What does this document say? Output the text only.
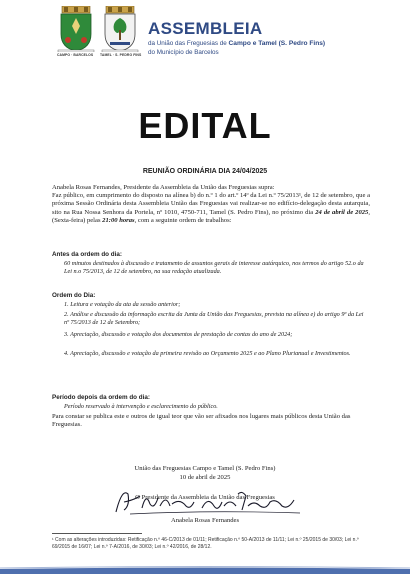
CAMPO · BARCELOS TAMEL · S. PEDRO FINS
ASSEMBLEIA
da União das Freguesias de Campo e Tamel (S. Pedro Fins)
do Município de Barcelos
EDITAL
REUNIÃO ORDINÁRIA DIA 24/04/2025
Anabela Rosas Fernandes, Presidente da Assembleia da União das Freguesias supra:
Faz público, em cumprimento do disposto na alínea b) do n.º 1 do art.º 14º da Lei n.º 75/2013¹, de 12 de setembro, que a próxima Sessão Ordinária desta Assembleia União das Freguesias vai realizar-se no edifício-delegação desta autarquia, sito na Rua Nossa Senhora da Portela, nº 1010, 4750-711, Tamel (S. Pedro Fins), no próximo dia 24 de abril de 2025, (Sexta-feira) pelas 21:00 horas, com a seguinte ordem de trabalhos:
Antes da ordem do dia:
60 minutos destinados à discussão e tratamento de assuntos gerais de interesse autárquico, nos termos do artigo 52.o da Lei n.o 75/2013, de 12 de setembro, na sua redação atualizada.
Ordem do Dia:
1. Leitura e votação da ata da sessão anterior;
2. Análise e discussão da informação escrita da Junta da União das Freguesias, prevista na alínea e) do artigo 9º da Lei nº 75/2013 de 12 de Setembro;
3. Apreciação, discussão e votação dos documentos de prestação de contas do ano de 2024;
4. Apreciação, discussão e votação da primeira revisão ao Orçamento 2025 e ao Plano Plurianual e Investimentos.
Período depois da ordem do dia:
Período reservado à intervenção e esclarecimento do público.
Para constar se publica este e outros de igual teor que vão ser afixados nos lugares mais públicos desta União das Freguesias.
União das Freguesias Campo e Tamel (S. Pedro Fins)
10 de abril de 2025
O Presidente da Assembleia da União das Freguesias
Anabela Rosas Fernandes
¹ Com as alterações introduzidas: Retificação n.º 46-C/2013 de 01/11; Retificação n.º 50-A/2013 de 11/11; Lei n.º 25/2015 de 30/03; Lei n.º 69/2015 de 16/07; Lei n.º 7-A/2016, de 30/03; Lei n.º 42/2016, de 28/12.
